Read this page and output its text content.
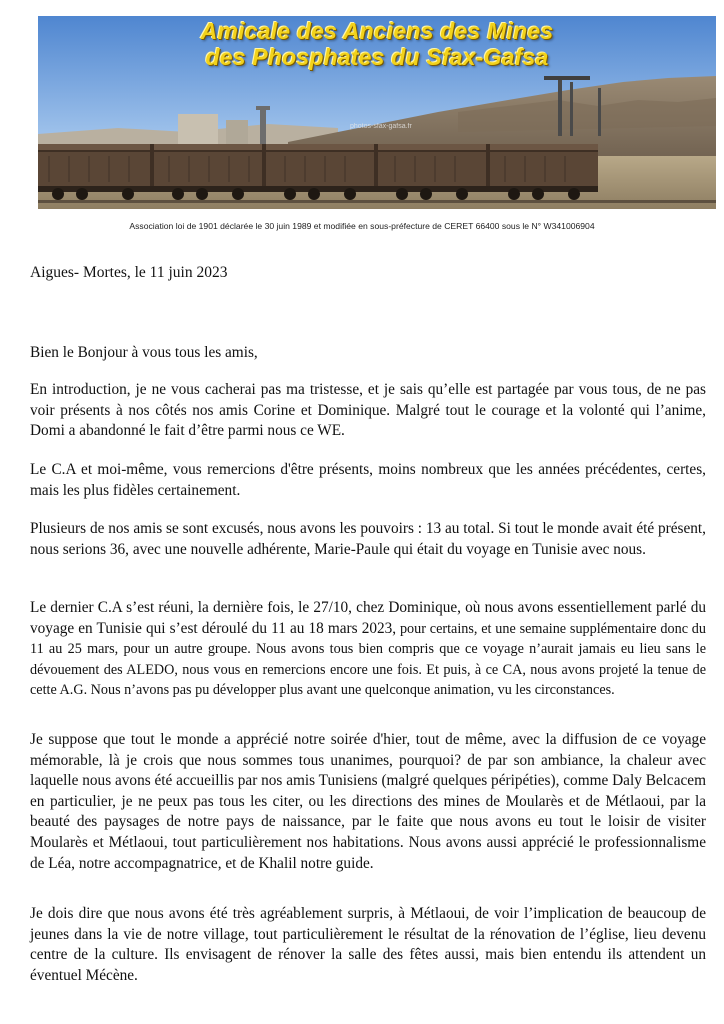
Amicale des Anciens des Mines
des Phosphates du Sfax-Gafsa
photos-sfax-gafsa.fr
Association loi de 1901 déclarée le 30 juin 1989 et modifiée en sous-préfecture de CERET 66400 sous le N° W341006904
Aigues- Mortes, le 11 juin 2023

Bien le Bonjour à vous tous les amis,

En introduction, je ne vous cacherai pas ma tristesse, et je sais qu’elle est partagée par vous tous, de ne pas voir présents à nos côtés nos amis Corine et Dominique. Malgré tout le courage et la volonté qui l’anime, Domi a abandonné le fait d’être parmi nous ce WE.

Le C.A et moi-même, vous remercions d'être présents, moins nombreux que les années précédentes, certes, mais les plus fidèles certainement.

Plusieurs de nos amis se sont excusés, nous avons les pouvoirs : 13 au total. Si tout le monde avait été présent, nous serions 36, avec une nouvelle adhérente, Marie-Paule qui était du voyage en Tunisie avec nous.

Le dernier C.A s’est réuni, la dernière fois, le 27/10, chez Dominique, où nous avons essentiellement parlé du voyage en Tunisie qui s’est déroulé du 11 au 18 mars 2023, pour certains, et une semaine supplémentaire donc du 11 au 25 mars, pour un autre groupe. Nous avons tous bien compris que ce voyage n’aurait jamais eu lieu sans le dévouement des ALEDO, nous vous en remercions encore une fois. Et puis, à ce CA, nous avons projeté la tenue de cette A.G. Nous n’avons pas pu développer plus avant une quelconque animation, vu les circonstances.

Je suppose que tout le monde a apprécié notre soirée d'hier, tout de même, avec la diffusion de ce voyage mémorable, là je crois que nous sommes tous unanimes, pourquoi? de par son ambiance, la chaleur avec laquelle nous avons été accueillis par nos amis Tunisiens (malgré quelques péripéties), comme Daly Belcacem en particulier, je ne peux pas tous les citer, ou les directions des mines de Moularès et de Métlaoui, par la beauté des paysages de notre pays de naissance, par le faite que nous avons eu tout le loisir de visiter Moularès et Métlaoui, tout particulièrement nos habitations. Nous avons aussi apprécié le professionnalisme de Léa, notre accompagnatrice, et de Khalil notre guide.

Je dois dire que nous avons été très agréablement surpris, à Métlaoui, de voir l’implication de beaucoup de jeunes dans la vie de notre village, tout particulièrement le résultat de la rénovation de l’église, lieu devenu centre de la culture. Ils envisagent de rénover la salle des fêtes aussi, mais bien entendu ils attendent un éventuel Mécène.
